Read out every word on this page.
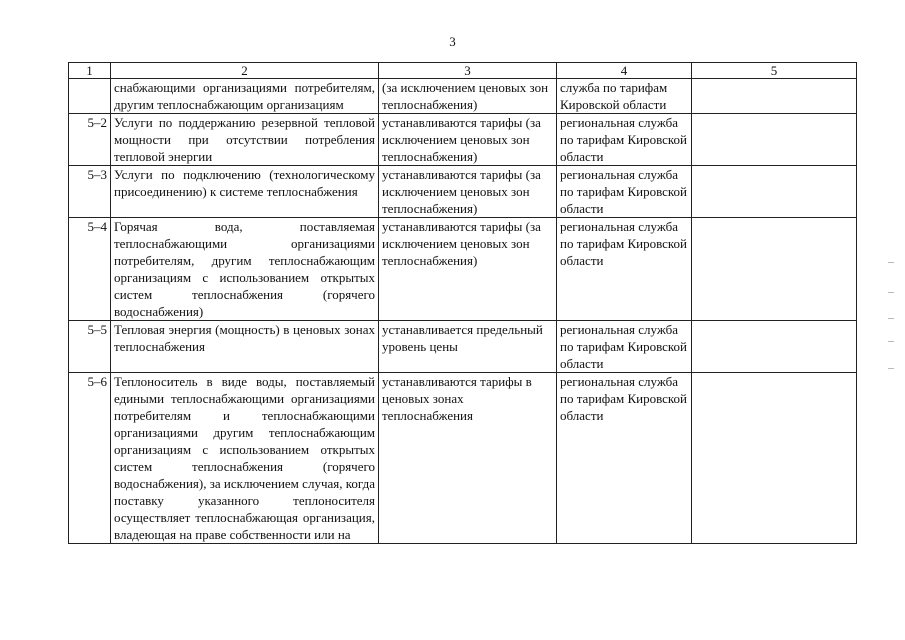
3
1	2	3	4	5
	снабжающими организациями потребителям, другим теплоснабжающим организациям	(за исключением ценовых зон теплоснабжения)	служба по тарифам Кировской области	
5–2	Услуги по поддержанию резервной тепловой мощности при отсутствии потребления тепловой энергии	устанавливаются тарифы (за исключением ценовых зон теплоснабжения)	региональная служба по тарифам Кировской области	
5–3	Услуги по подключению (технологическому присоединению) к системе теплоснабжения	устанавливаются тарифы (за исключением ценовых зон теплоснабжения)	региональная служба по тарифам Кировской области	
5–4	Горячая вода, поставляемая теплоснабжающими организациями потребителям, другим теплоснабжающим организациям с использованием открытых систем теплоснабжения (горячего водоснабжения)	устанавливаются тарифы (за исключением ценовых зон теплоснабжения)	региональная служба по тарифам Кировской области	
5–5	Тепловая энергия (мощность) в ценовых зонах теплоснабжения	устанавливается предельный уровень цены	региональная служба по тарифам Кировской области	
5–6	Теплоноситель в виде воды, поставляемый едиными теплоснабжающими организациями потребителям и теплоснабжающими организациями другим теплоснабжающим организациям с использованием открытых систем теплоснабжения (горячего водоснабжения), за исключением случая, когда поставку указанного теплоносителя осуществляет теплоснабжающая организация, владеющая на праве собственности или на	устанавливаются тарифы в ценовых зонах теплоснабжения	региональная служба по тарифам Кировской области	
